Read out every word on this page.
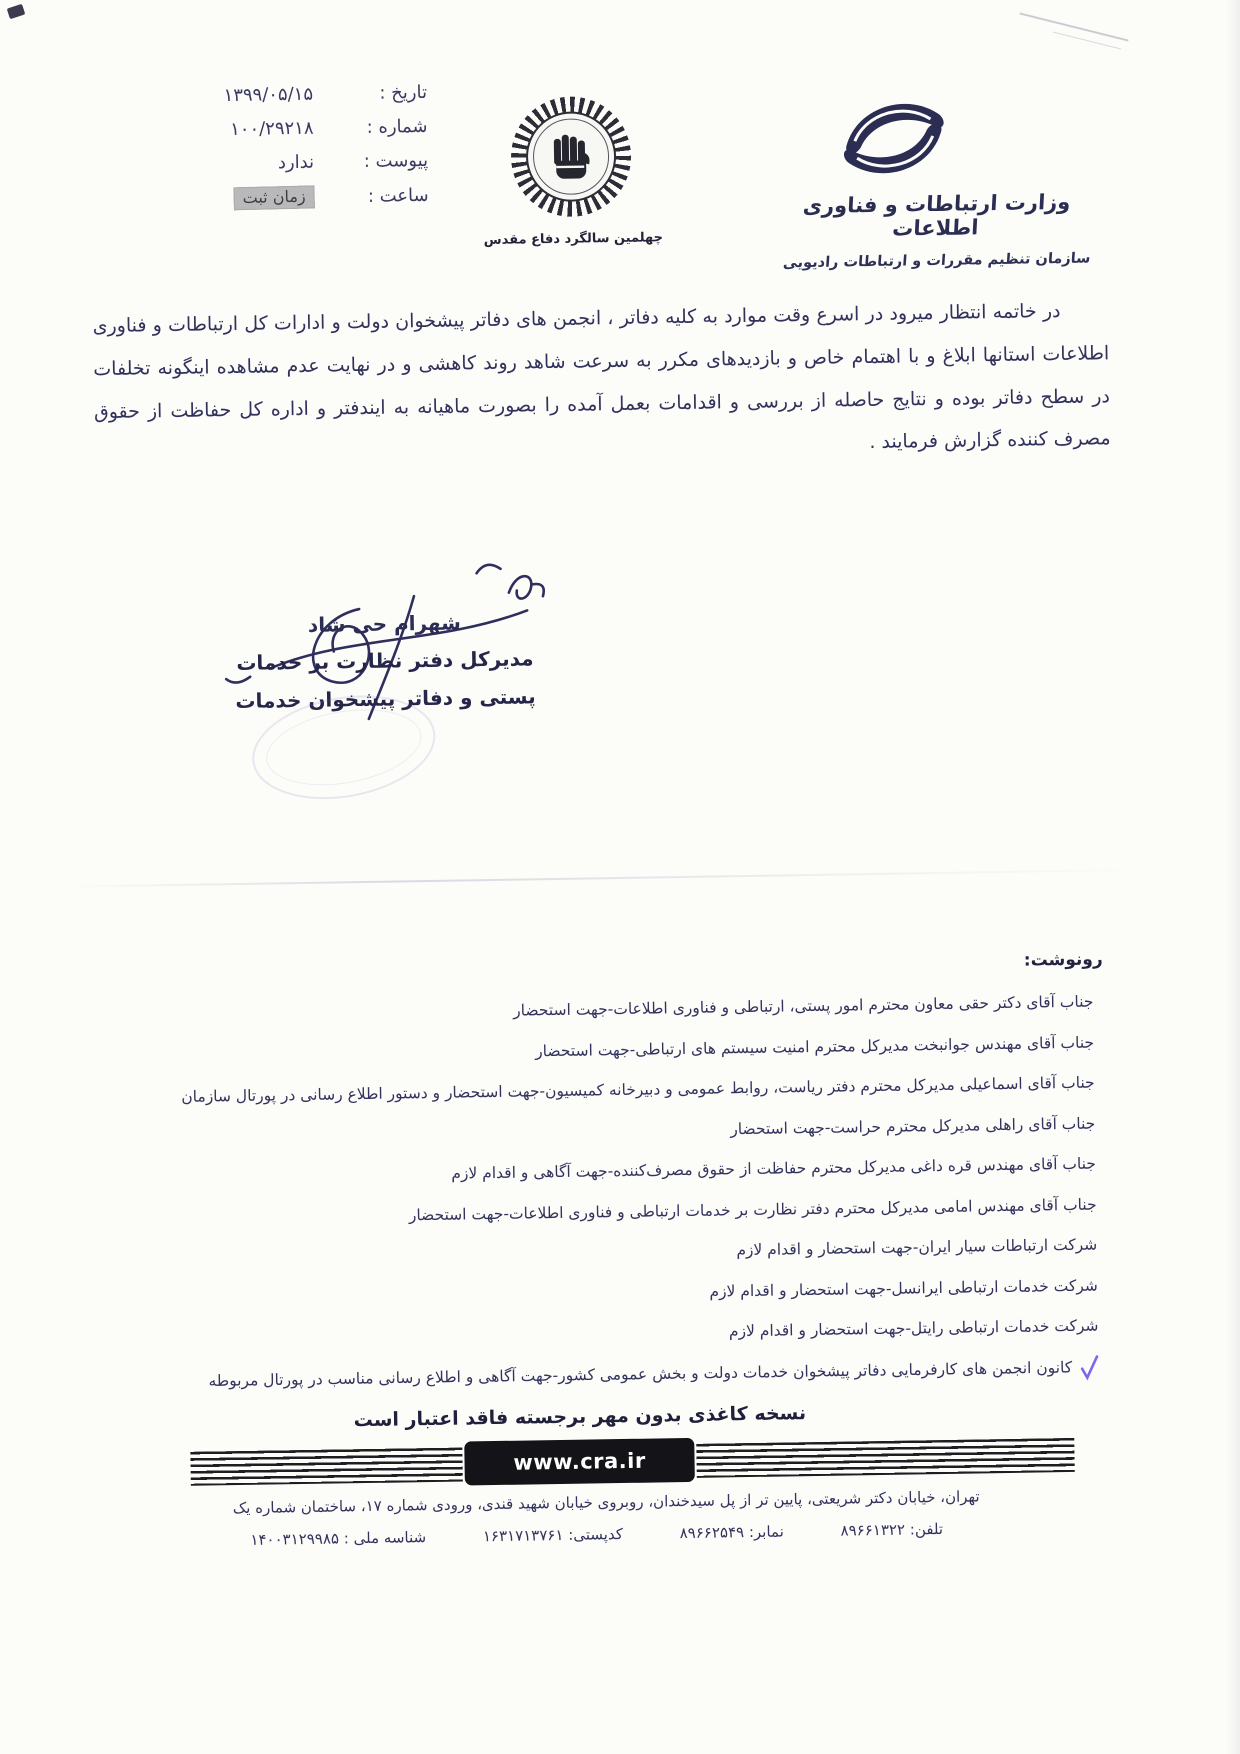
تاریخ :
۱۳۹۹/۰۵/۱۵
شماره :
۱۰۰/۲۹۲۱۸
پیوست :
ندارد
ساعت :
زمان ثبت
چهلمین سالگرد دفاع مقدس
وزارت ارتباطات و فناوری اطلاعات
سازمان تنظیم مقررات و ارتباطات رادیویی
در خاتمه انتظار میرود در اسرع وقت موارد به کلیه دفاتر ، انجمن های دفاتر پیشخوان دولت و ادارات کل ارتباطات و فناوری اطلاعات استانها ابلاغ و با اهتمام خاص و بازدیدهای مکرر به سرعت شاهد روند کاهشی و در نهایت عدم مشاهده اینگونه تخلفات در سطح دفاتر بوده و نتایج حاصله از بررسی و اقدامات بعمل آمده را بصورت ماهیانه به ایندفتر و اداره کل حفاظت از حقوق مصرف کننده گزارش فرمایند .
شهرام حی شاد
مدیرکل دفتر نظارت بر خدمات
پستی و دفاتر پیشخوان خدمات
رونوشت:
جناب آقای دکتر حقی معاون محترم امور پستی، ارتباطی و فناوری اطلاعات-جهت استحضار
جناب آقای مهندس جوانبخت مدیرکل محترم امنیت سیستم های ارتباطی-جهت استحضار
جناب آقای اسماعیلی مدیرکل محترم دفتر ریاست، روابط عمومی و دبیرخانه کمیسیون-جهت استحضار و دستور اطلاع رسانی در پورتال سازمان
جناب آقای راهلی مدیرکل محترم حراست-جهت استحضار
جناب آقای مهندس قره داغی مدیرکل محترم حفاظت از حقوق مصرف‌کننده-جهت آگاهی و اقدام لازم
جناب آقای مهندس امامی مدیرکل محترم دفتر نظارت بر خدمات ارتباطی و فناوری اطلاعات-جهت استحضار
شرکت ارتباطات سیار ایران-جهت استحضار و اقدام لازم
شرکت خدمات ارتباطی ایرانسل-جهت استحضار و اقدام لازم
شرکت خدمات ارتباطی رایتل-جهت استحضار و اقدام لازم
کانون انجمن های کارفرمایی دفاتر پیشخوان خدمات دولت و بخش عمومی کشور-جهت آگاهی و اطلاع رسانی مناسب در پورتال مربوطه
نسخه کاغذی بدون مهر برجسته فاقد اعتبار است
www.cra.ir
تهران، خیابان دکتر شریعتی، پایین تر از پل سیدخندان، روبروی خیابان شهید قندی، ورودی شماره ۱۷، ساختمان شماره یک
تلفن: ۸۹۶۶۱۳۲۲ نمابر: ۸۹۶۶۲۵۴۹ کدپستی: ۱۶۳۱۷۱۳۷۶۱ شناسه ملی : ۱۴۰۰۳۱۲۹۹۸۵
